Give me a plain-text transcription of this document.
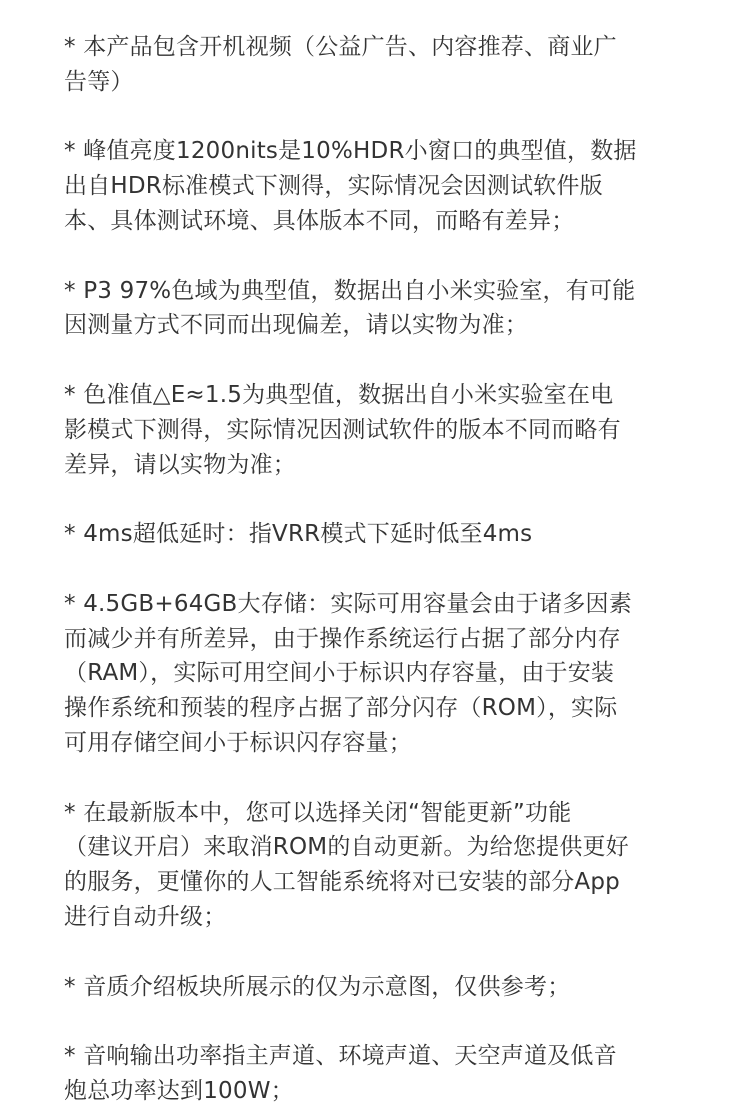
* 本产品包含开机视频（公益广告、内容推荐、商业广
告等）

* 峰值亮度1200nits是10%HDR小窗口的典型值，数据
出自HDR标准模式下测得，实际情况会因测试软件版
本、具体测试环境、具体版本不同，而略有差异；

* P3 97%色域为典型值，数据出自小米实验室，有可能
因测量方式不同而出现偏差，请以实物为准；

* 色准值△E≈1.5为典型值，数据出自小米实验室在电
影模式下测得，实际情况因测试软件的版本不同而略有
差异，请以实物为准；

* 4ms超低延时：指VRR模式下延时低至4ms

* 4.5GB+64GB大存储：实际可用容量会由于诸多因素
而减少并有所差异，由于操作系统运行占据了部分内存
（RAM），实际可用空间小于标识内存容量，由于安装
操作系统和预装的程序占据了部分闪存（ROM），实际
可用存储空间小于标识闪存容量；

* 在最新版本中，您可以选择关闭“智能更新”功能
（建议开启）来取消ROM的自动更新。为给您提供更好
的服务，更懂你的人工智能系统将对已安装的部分App
进行自动升级；

* 音质介绍板块所展示的仅为示意图，仅供参考；

* 音响输出功率指主声道、环境声道、天空声道及低音
炮总功率达到100W；
